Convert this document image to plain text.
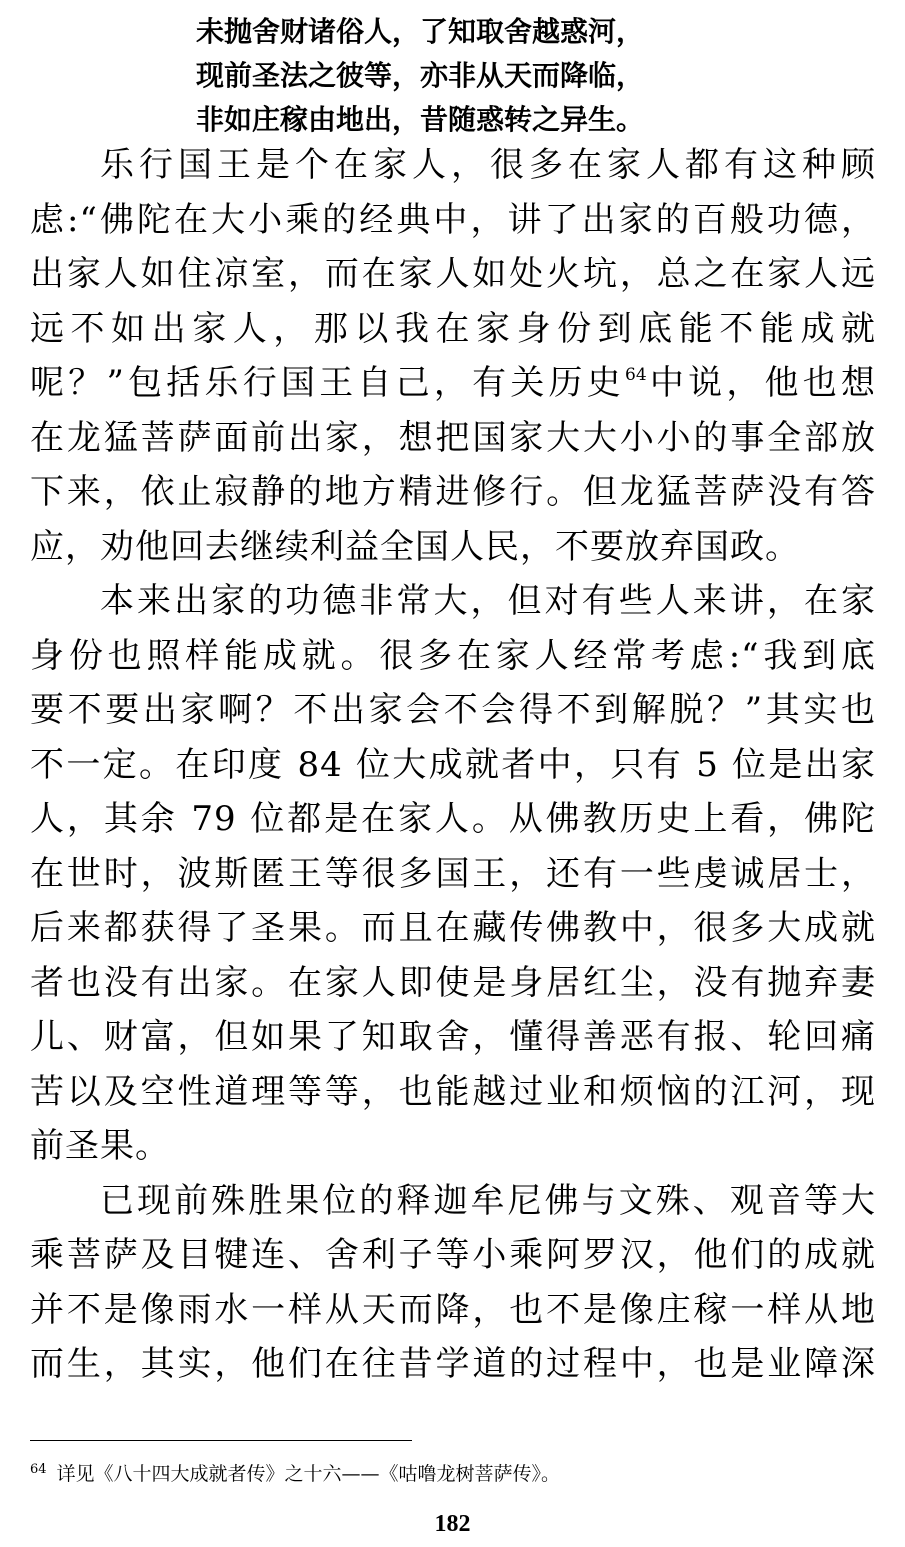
未抛舍财诸俗人，了知取舍越惑河，
现前圣法之彼等，亦非从天而降临，
非如庄稼由地出，昔随惑转之异生。
乐行国王是个在家人，很多在家人都有这种顾
虑:“佛陀在大小乘的经典中，讲了出家的百般功德，
出家人如住凉室，而在家人如处火坑，总之在家人远
远不如出家人，那以我在家身份到底能不能成就
呢？”包括乐行国王自己，有关历史$^{64}$中说，他也想
在龙猛菩萨面前出家，想把国家大大小小的事全部放
下来，依止寂静的地方精进修行。但龙猛菩萨没有答
应，劝他回去继续利益全国人民，不要放弃国政。
本来出家的功德非常大，但对有些人来讲，在家
身份也照样能成就。很多在家人经常考虑:“我到底
要不要出家啊？不出家会不会得不到解脱？”其实也
不一定。在印度 84 位大成就者中，只有 5 位是出家
人，其余 79 位都是在家人。从佛教历史上看，佛陀
在世时，波斯匿王等很多国王，还有一些虔诚居士，
后来都获得了圣果。而且在藏传佛教中，很多大成就
者也没有出家。在家人即使是身居红尘，没有抛弃妻
儿、财富，但如果了知取舍，懂得善恶有报、轮回痛
苦以及空性道理等等，也能越过业和烦恼的江河，现
前圣果。
已现前殊胜果位的释迦牟尼佛与文殊、观音等大
乘菩萨及目犍连、舍利子等小乘阿罗汉，他们的成就
并不是像雨水一样从天而降，也不是像庄稼一样从地
而生，其实，他们在往昔学道的过程中，也是业障深
$^{64}$ 详见《八十四大成就者传》之十六——《咕噜龙树菩萨传》。
182
